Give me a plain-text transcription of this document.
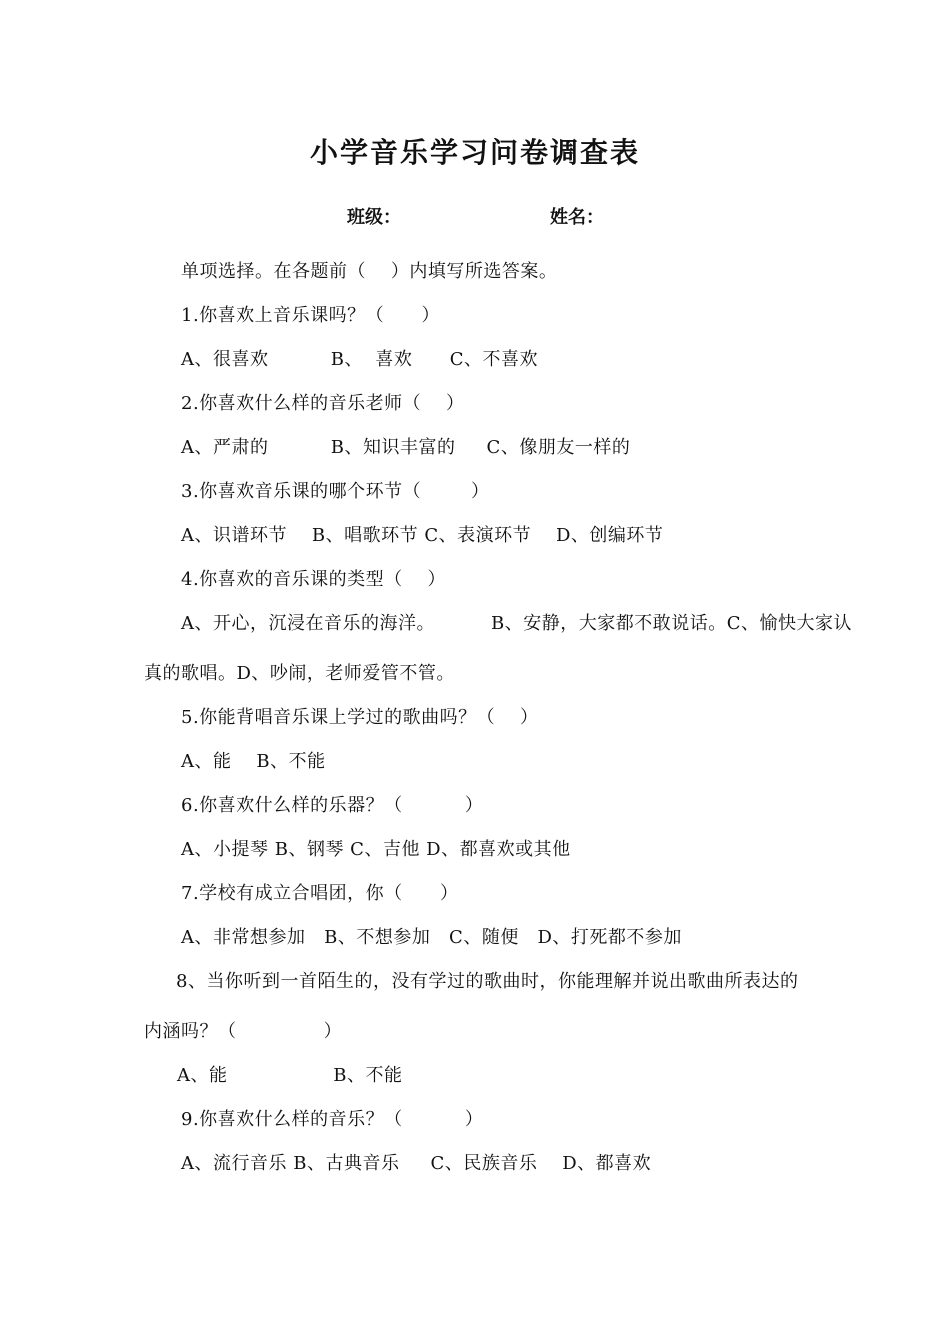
小学音乐学习问卷调查表
班级：	姓名：
单项选择。在各题前（    ）内填写所选答案。
1.你喜欢上音乐课吗？（      ）
A、很喜欢          B、  喜欢      C、不喜欢
2.你喜欢什么样的音乐老师（    ）
A、严肃的          B、知识丰富的     C、像朋友一样的
3.你喜欢音乐课的哪个环节（        ）
A、识谱环节    B、唱歌环节 C、表演环节    D、创编环节
4.你喜欢的音乐课的类型（    ）
A、开心，沉浸在音乐的海洋。         B、安静，大家都不敢说话。C、愉快大家认
真的歌唱。D、吵闹，老师爱管不管。
5.你能背唱音乐课上学过的歌曲吗？（    ）
A、能    B、不能
6.你喜欢什么样的乐器？（          ）
A、小提琴 B、钢琴 C、吉他 D、都喜欢或其他
7.学校有成立合唱团，你（      ）
A、非常想参加   B、不想参加   C、随便   D、打死都不参加
8、当你听到一首陌生的，没有学过的歌曲时，你能理解并说出歌曲所表达的
内涵吗？（              ）
A、能                 B、不能
9.你喜欢什么样的音乐？（          ）
A、流行音乐 B、古典音乐     C、民族音乐    D、都喜欢
